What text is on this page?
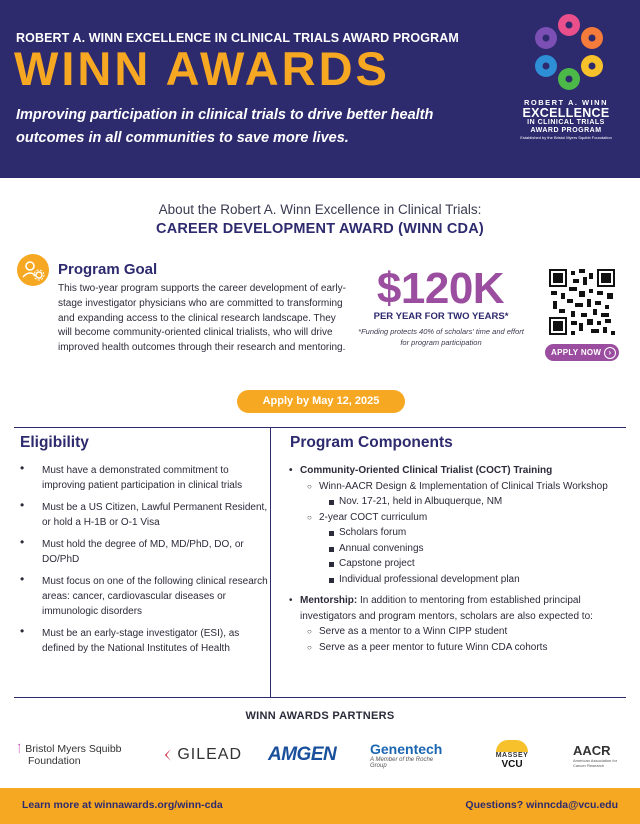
ROBERT A. WINN EXCELLENCE IN CLINICAL TRIALS AWARD PROGRAM
WINN AWARDS
Improving participation in clinical trials to drive better health outcomes in all communities to save more lives.
ROBERT A. WINN
EXCELLENCE
IN CLINICAL TRIALS
AWARD PROGRAM
Established by the Bristol Myers Squibb Foundation
About the Robert A. Winn Excellence in Clinical Trials:
CAREER DEVELOPMENT AWARD (WINN CDA)
Program Goal
This two-year program supports the career development of early-stage investigator physicians who are committed to transforming and expanding access to the clinical research landscape. They will become community-oriented clinical trialists, who will drive improved health outcomes through their research and mentoring.
$120K
PER YEAR FOR TWO YEARS*
*Funding protects 40% of scholars' time and effort for program participation
APPLY NOW ›
Apply by May 12, 2025
Eligibility
• Must have a demonstrated commitment to improving patient participation in clinical trials
• Must be a US Citizen, Lawful Permanent Resident, or hold a H-1B or O-1 Visa
• Must hold the degree of MD, MD/PhD, DO, or DO/PhD
• Must focus on one of the following clinical research areas: cancer, cardiovascular diseases or immunologic disorders
• Must be an early-stage investigator (ESI), as defined by the National Institutes of Health
Program Components
• Community-Oriented Clinical Trialist (COCT) Training
○ Winn-AACR Design & Implementation of Clinical Trials Workshop
Nov. 17-21, held in Albuquerque, NM
○ 2-year COCT curriculum
Scholars forum
Annual convenings
Capstone project
Individual professional development plan
• Mentorship: In addition to mentoring from established principal investigators and program mentors, scholars are also expected to:
○ Serve as a mentor to a Winn CIPP student
○ Serve as a peer mentor to future Winn CDA cohorts
WINN AWARDS PARTNERS
ᛙ Bristol Myers Squibb
Foundation	GILEAD AMGEN Genentech
A Member of the Roche Group
MASSEY
VCU
AACR
American Association for Cancer Research
Learn more at winnawards.org/winn-cda	Questions? winncda@vcu.edu
